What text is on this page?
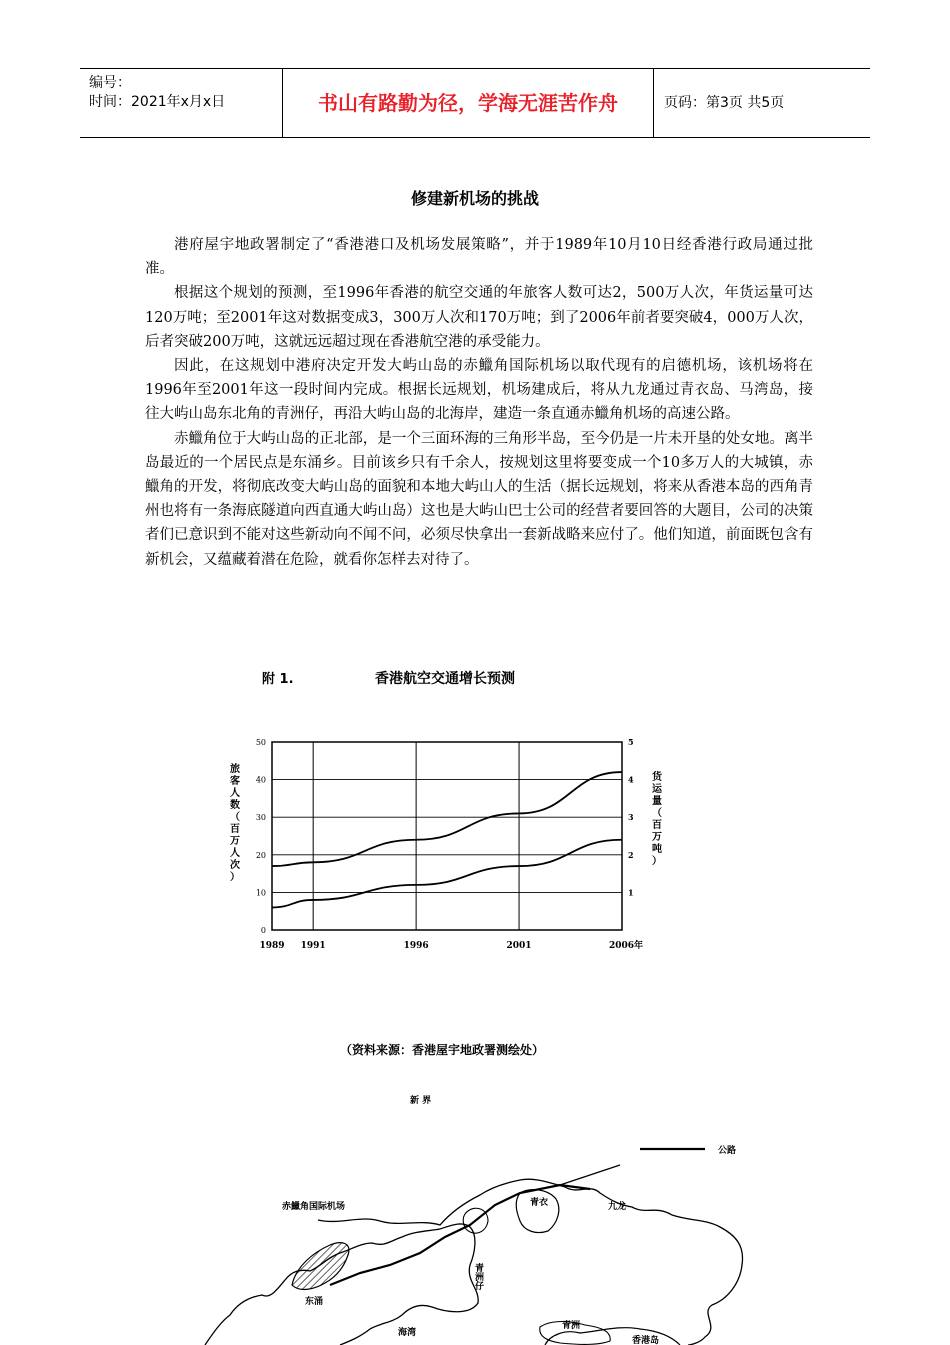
编号：
时间：2021年x月x日	书山有路勤为径，学海无涯苦作舟	页码：第3页 共5页
修建新机场的挑战

港府屋宇地政署制定了“香港港口及机场发展策略”，并于1989年10月10日经香港行政局通过批准。

根据这个规划的预测，至1996年香港的航空交通的年旅客人数可达2，500万人次，年货运量可达120万吨；至2001年这对数据变成3，300万人次和170万吨；到了2006年前者要突破4，000万人次，后者突破200万吨，这就远远超过现在香港航空港的承受能力。

因此，在这规划中港府决定开发大屿山岛的赤鱲角国际机场以取代现有的启德机场，该机场将在1996年至2001年这一段时间内完成。根据长远规划，机场建成后，将从九龙通过青衣岛、马湾岛，接往大屿山岛东北角的青洲仔，再沿大屿山岛的北海岸，建造一条直通赤鱲角机场的高速公路。

赤鱲角位于大屿山岛的正北部，是一个三面环海的三角形半岛，至今仍是一片未开垦的处女地。离半岛最近的一个居民点是东涌乡。目前该乡只有千余人，按规划这里将要变成一个10多万人的大城镇，赤鱲角的开发，将彻底改变大屿山岛的面貌和本地大屿山人的生活（据长远规划，将来从香港本岛的西角青州也将有一条海底隧道向西直通大屿山岛）这也是大屿山巴士公司的经营者要回答的大题目，公司的决策者们已意识到不能对这些新动向不闻不问，必须尽快拿出一套新战略来应付了。他们知道，前面既包含有新机会，又蕴藏着潜在危险，就看你怎样去对待了。

附 1.	香港航空交通增长预测
旅
客
人
数
（
百
万
人
次
）
货
运
量
（
百
万
吨
）
1989 1991	1996	2001	2006年
0
10
20
30
40
50
1
2
3
4
5
（资料来源：香港屋宇地政署测绘处）
公路
新 界
赤鱲角国际机场
东涌
青衣	九龙
青洲仔
海湾
青洲
香港岛
